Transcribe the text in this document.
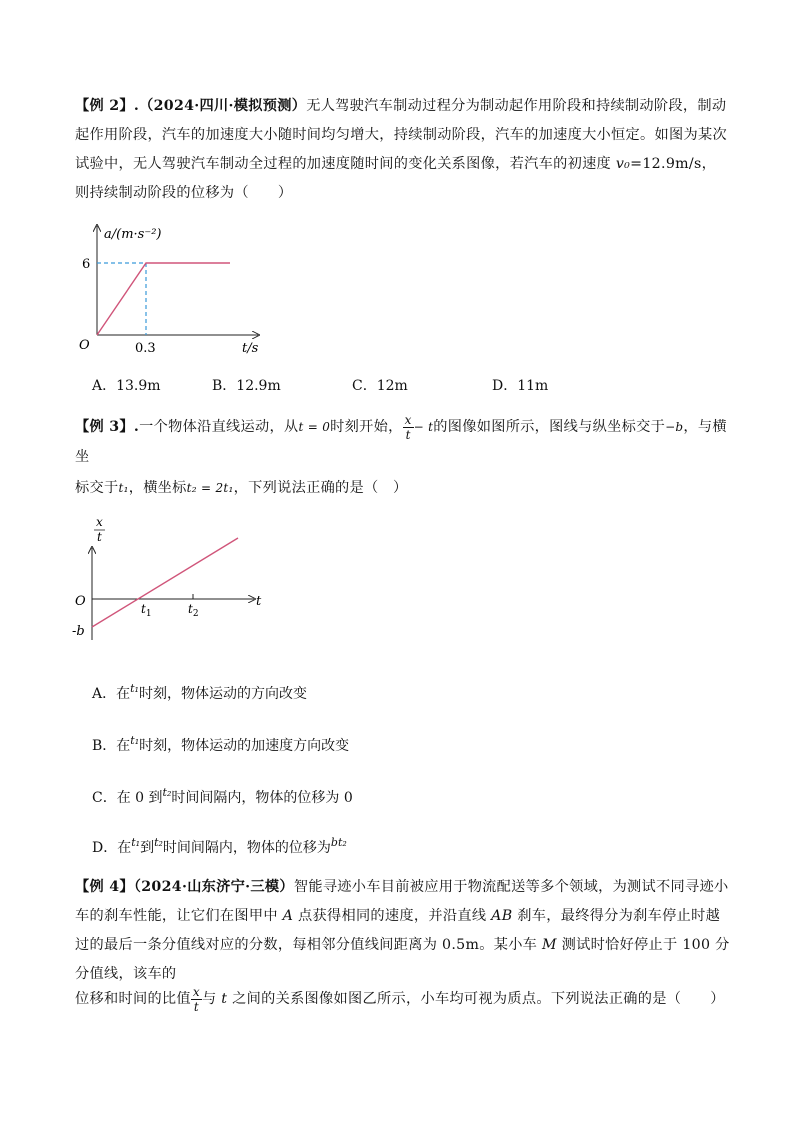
【例 2】.（2024·四川·模拟预测）无人驾驶汽车制动过程分为制动起作用阶段和持续制动阶段，制动起作用阶段，汽车的加速度大小随时间均匀增大，持续制动阶段，汽车的加速度大小恒定。如图为某次试验中，无人驾驶汽车制动全过程的加速度随时间的变化关系图像，若汽车的初速度 v₀=12.9m/s，则持续制动阶段的位移为（　　）
a/(m·s⁻²)
6
O	0.3	t/s
A．13.9m	B．12.9m	C．12m	D．11m
【例 3】.一个物体沿直线运动，从t = 0时刻开始， $\frac{x}{t} - t$的图像如图所示，图线与纵坐标交于−b，与横坐
标交于t₁，横坐标t₂ = 2t₁，下列说法正确的是（　）
x
t
O
-b
$t_1$	$t_2$
t
A．在$^{t_1}$时刻，物体运动的方向改变
B．在$^{t_1}$时刻，物体运动的加速度方向改变
C．在 0 到$^{t_2}$时间间隔内，物体的位移为 0
D．在$^{t_1}$到$^{t_2}$时间间隔内，物体的位移为$^{bt_2}$
【例 4】（2024·山东济宁·三模）智能寻迹小车目前被应用于物流配送等多个领域，为测试不同寻迹小车的刹车性能，让它们在图甲中 A 点获得相同的速度，并沿直线 AB 刹车，最终得分为刹车停止时越过的最后一条分值线对应的分数，每相邻分值线间距离为 0.5m。某小车 M 测试时恰好停止于 100 分分值线，该车的
位移和时间的比值 $\frac{x}{t}$ 与 t 之间的关系图像如图乙所示，小车均可视为质点。下列说法正确的是（　　）
